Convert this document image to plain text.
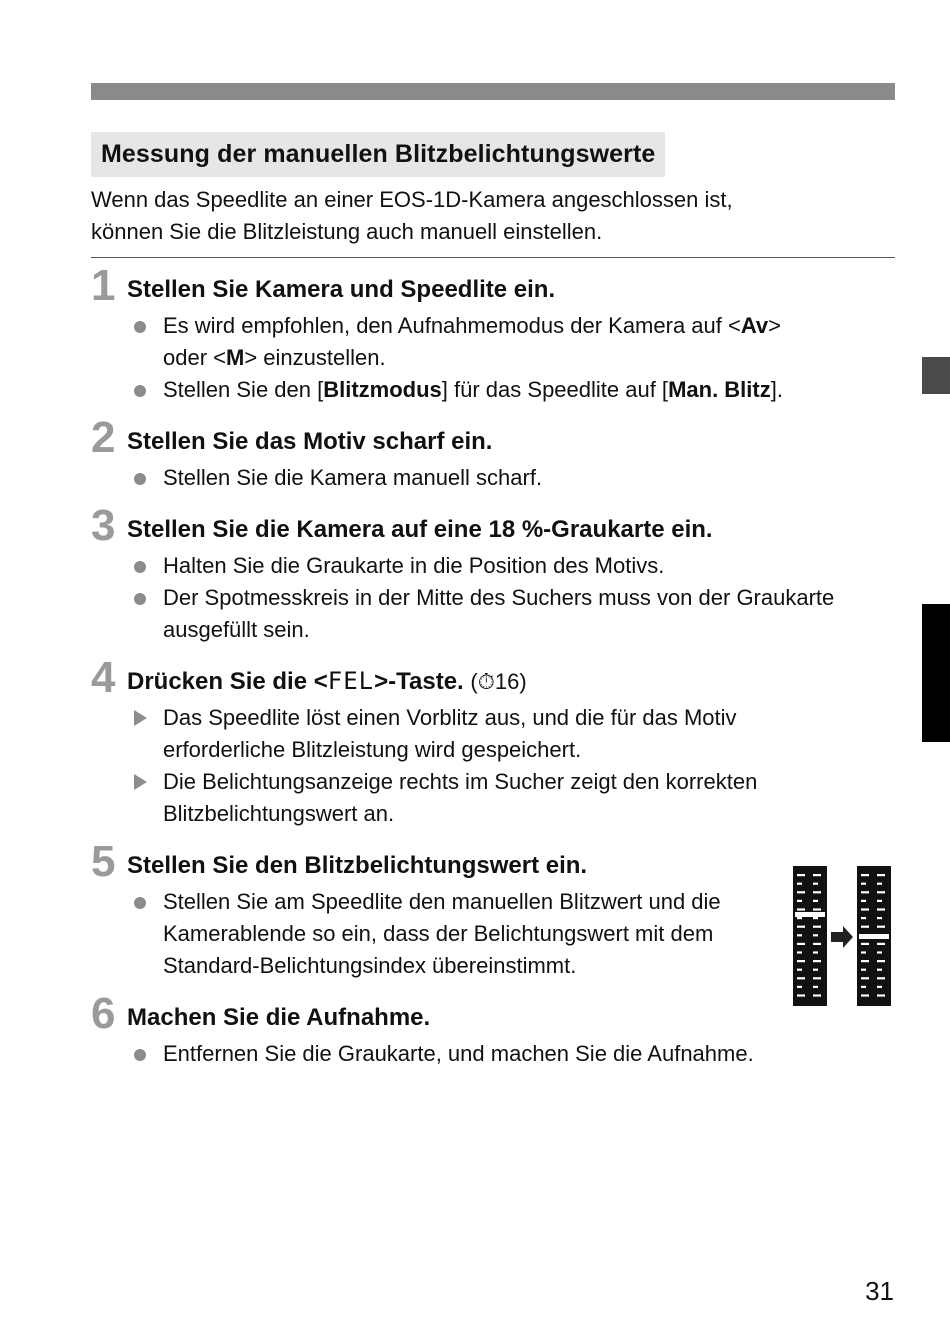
Messung der manuellen Blitzbelichtungswerte
Wenn das Speedlite an einer EOS-1D-Kamera angeschlossen ist,
können Sie die Blitzleistung auch manuell einstellen.
1 Stellen Sie Kamera und Speedlite ein.
Es wird empfohlen, den Aufnahmemodus der Kamera auf <Av>
oder <M> einzustellen.
Stellen Sie den [Blitzmodus] für das Speedlite auf [Man. Blitz].
2 Stellen Sie das Motiv scharf ein.
Stellen Sie die Kamera manuell scharf.
3 Stellen Sie die Kamera auf eine 18 %-Graukarte ein.
Halten Sie die Graukarte in die Position des Motivs.
Der Spotmesskreis in der Mitte des Suchers muss von der Graukarte
ausgefüllt sein.
4 Drücken Sie die <FEL>-Taste. (⏱16)
Das Speedlite löst einen Vorblitz aus, und die für das Motiv
erforderliche Blitzleistung wird gespeichert.
Die Belichtungsanzeige rechts im Sucher zeigt den korrekten
Blitzbelichtungswert an.
5 Stellen Sie den Blitzbelichtungswert ein.
Stellen Sie am Speedlite den manuellen Blitzwert und die
Kamerablende so ein, dass der Belichtungswert mit dem
Standard-Belichtungsindex übereinstimmt.
6 Machen Sie die Aufnahme.
Entfernen Sie die Graukarte, und machen Sie die Aufnahme.
31
